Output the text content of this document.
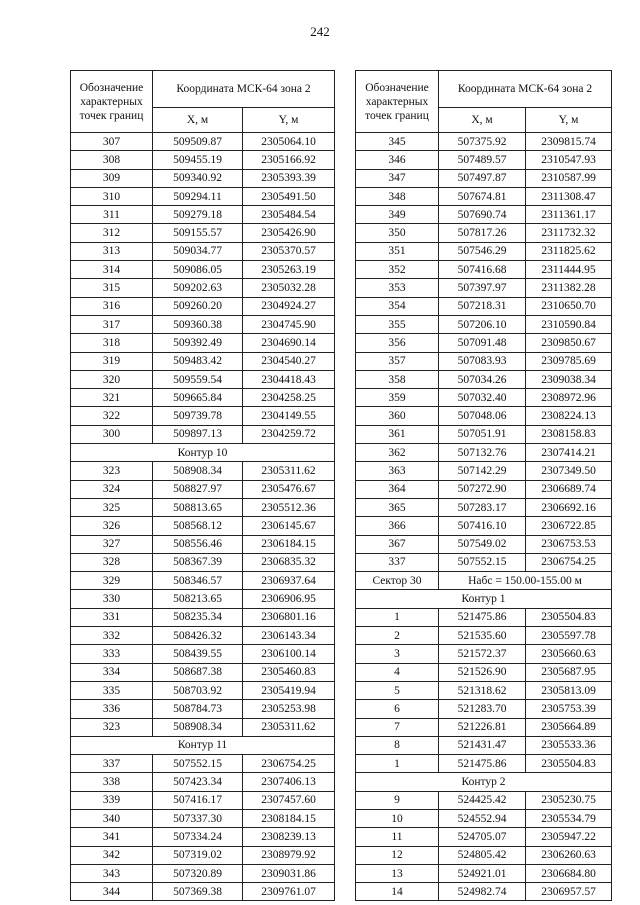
242
Обозначение характерных точек границ	Координата МСК-64 зона 2	
	X, м	Y, м
307	509509.87	2305064.10
308	509455.19	2305166.92
309	509340.92	2305393.39
310	509294.11	2305491.50
311	509279.18	2305484.54
312	509155.57	2305426.90
313	509034.77	2305370.57
314	509086.05	2305263.19
315	509202.63	2305032.28
316	509260.20	2304924.27
317	509360.38	2304745.90
318	509392.49	2304690.14
319	509483.42	2304540.27
320	509559.54	2304418.43
321	509665.84	2304258.25
322	509739.78	2304149.55
300	509897.13	2304259.72
Контур 10		
323	508908.34	2305311.62
324	508827.97	2305476.67
325	508813.65	2305512.36
326	508568.12	2306145.67
327	508556.46	2306184.15
328	508367.39	2306835.32
329	508346.57	2306937.64
330	508213.65	2306906.95
331	508235.34	2306801.16
332	508426.32	2306143.34
333	508439.55	2306100.14
334	508687.38	2305460.83
335	508703.92	2305419.94
336	508784.73	2305253.98
323	508908.34	2305311.62
Контур 11		
337	507552.15	2306754.25
338	507423.34	2307406.13
339	507416.17	2307457.60
340	507337.30	2308184.15
341	507334.24	2308239.13
342	507319.02	2308979.92
343	507320.89	2309031.86
344	507369.38	2309761.07
Обозначение характерных точек границ	Координата МСК-64 зона 2	
	X, м	Y, м
345	507375.92	2309815.74
346	507489.57	2310547.93
347	507497.87	2310587.99
348	507674.81	2311308.47
349	507690.74	2311361.17
350	507817.26	2311732.32
351	507546.29	2311825.62
352	507416.68	2311444.95
353	507397.97	2311382.28
354	507218.31	2310650.70
355	507206.10	2310590.84
356	507091.48	2309850.67
357	507083.93	2309785.69
358	507034.26	2309038.34
359	507032.40	2308972.96
360	507048.06	2308224.13
361	507051.91	2308158.83
362	507132.76	2307414.21
363	507142.29	2307349.50
364	507272.90	2306689.74
365	507283.17	2306692.16
366	507416.10	2306722.85
367	507549.02	2306753.53
337	507552.15	2306754.25
Сектор 30	Набс = 150.00-155.00 м	
Контур 1		
1	521475.86	2305504.83
2	521535.60	2305597.78
3	521572.37	2305660.63
4	521526.90	2305687.95
5	521318.62	2305813.09
6	521283.70	2305753.39
7	521226.81	2305664.89
8	521431.47	2305533.36
1	521475.86	2305504.83
Контур 2		
9	524425.42	2305230.75
10	524552.94	2305534.79
11	524705.07	2305947.22
12	524805.42	2306260.63
13	524921.01	2306684.80
14	524982.74	2306957.57
